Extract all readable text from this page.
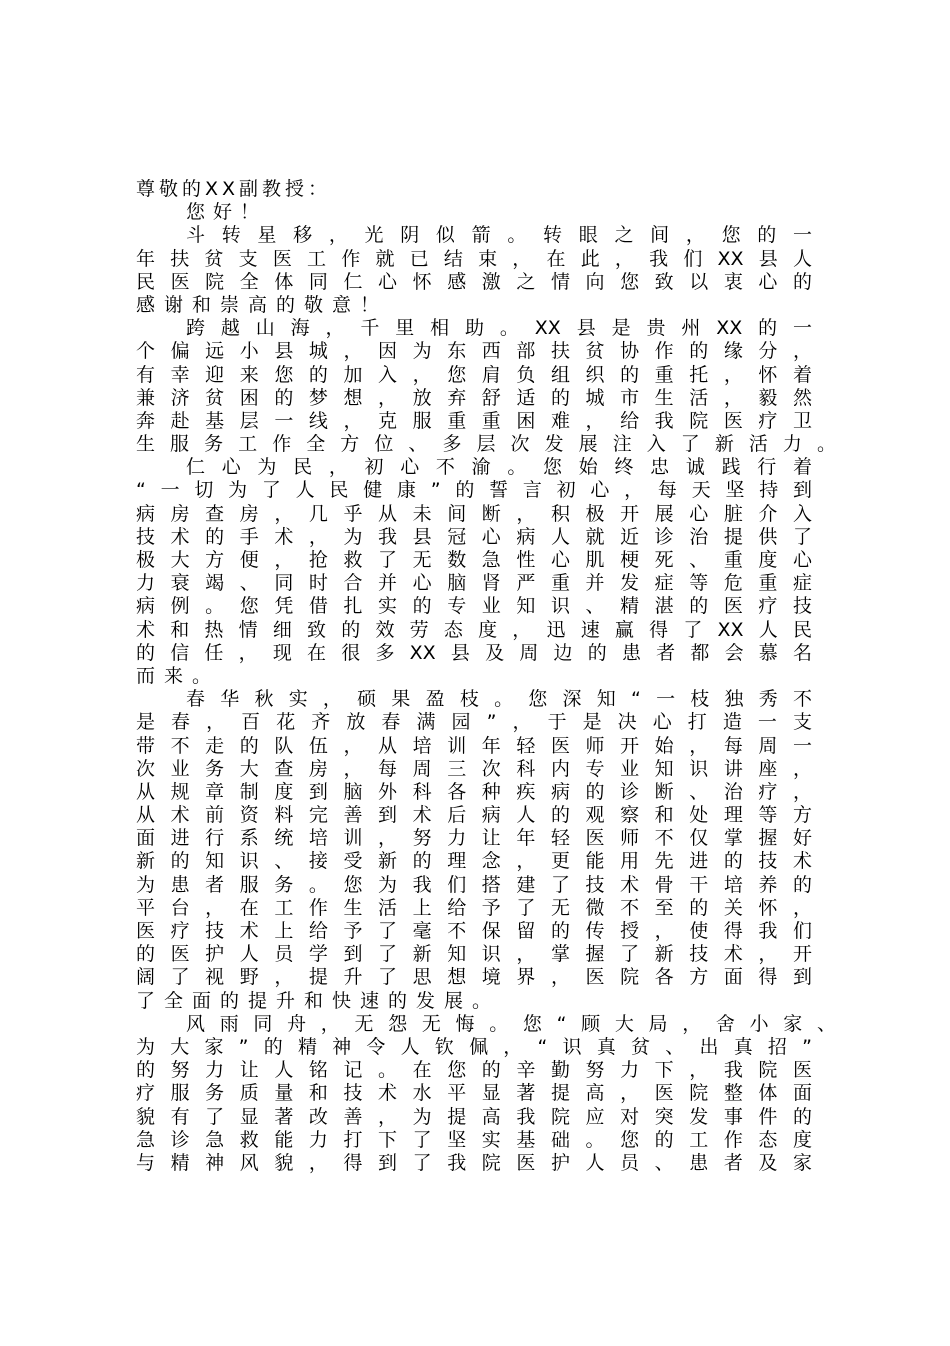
尊敬的XX副教授：
您好！
斗转星移，光阴似箭。转眼之间，您的一
年扶贫支医工作就已结束，在此，我们XX县人
民医院全体同仁心怀感激之情向您致以衷心的
感谢和崇高的敬意！
跨越山海，千里相助。XX县是贵州XX的一
个偏远小县城，因为东西部扶贫协作的缘分，
有幸迎来您的加入，您肩负组织的重托，怀着
兼济贫困的梦想，放弃舒适的城市生活，毅然
奔赴基层一线，克服重重困难，给我院医疗卫
生服务工作全方位、多层次发展注入了新活力。
仁心为民，初心不渝。您始终忠诚践行着
“一切为了人民健康”的誓言初心，每天坚持到
病房查房，几乎从未间断，积极开展心脏介入
技术的手术，为我县冠心病人就近诊治提供了
极大方便，抢救了无数急性心肌梗死、重度心
力衰竭、同时合并心脑肾严重并发症等危重症
病例。您凭借扎实的专业知识、精湛的医疗技
术和热情细致的效劳态度，迅速赢得了XX人民
的信任，现在很多XX县及周边的患者都会慕名
而来。
春华秋实，硕果盈枝。您深知“一枝独秀不
是春，百花齐放春满园”，于是决心打造一支
带不走的队伍，从培训年轻医师开始，每周一
次业务大查房，每周三次科内专业知识讲座，
从规章制度到脑外科各种疾病的诊断、治疗，
从术前资料完善到术后病人的观察和处理等方
面进行系统培训，努力让年轻医师不仅掌握好
新的知识、接受新的理念，更能用先进的技术
为患者服务。您为我们搭建了技术骨干培养的
平台，在工作生活上给予了无微不至的关怀，
医疗技术上给予了毫不保留的传授，使得我们
的医护人员学到了新知识，掌握了新技术，开
阔了视野，提升了思想境界，医院各方面得到
了全面的提升和快速的发展。
风雨同舟，无怨无悔。您“顾大局，舍小家、
为大家”的精神令人钦佩，“识真贫、出真招”
的努力让人铭记。在您的辛勤努力下，我院医
疗服务质量和技术水平显著提高，医院整体面
貌有了显著改善，为提高我院应对突发事件的
急诊急救能力打下了坚实基础。您的工作态度
与精神风貌，得到了我院医护人员、患者及家
